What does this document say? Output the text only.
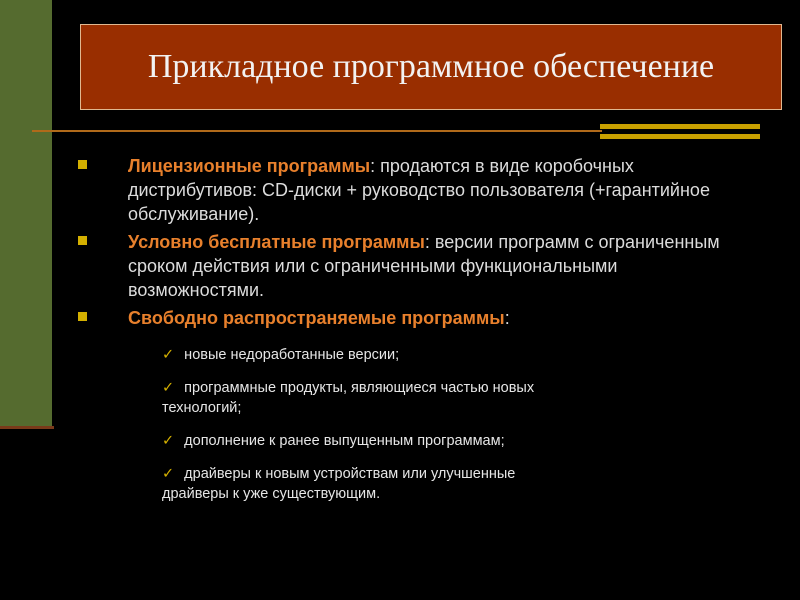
Прикладное программное обеспечение
Лицензионные программы: продаются в виде коробочных дистрибутивов: CD-диски + руководство пользователя (+гарантийное обслуживание).
Условно бесплатные программы: версии программ с ограниченным сроком действия или с ограниченными функциональными возможностями.
Свободно распространяемые программы:
✓ новые недоработанные версии;
✓ программные продукты, являющиеся частью новых технологий;
✓ дополнение к ранее выпущенным программам;
✓ драйверы к новым устройствам или улучшенные драйверы к уже существующим.
